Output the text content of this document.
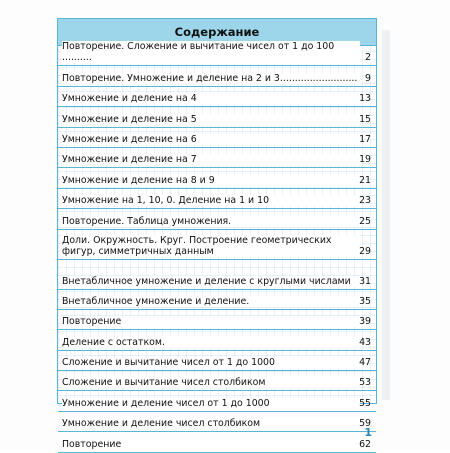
Содержание
Повторение. Сложение и вычитание чисел от 1 до 100 ..........	2
Повторение. Умножение и деление на 2 и 3.......................... 9
Умножение и деление на 4	13
Умножение и деление на 5	15
Умножение и деление на 6	17
Умножение и деление на 7	19
Умножение и деление на 8 и 9	21
Умножение на 1, 10, 0. Деление на 1 и 10	23
Повторение. Таблица умножения.	25
Доли. Окружность. Круг. Построение геометрических фигур, симметричных данным	29
Внетабличное умножение и деление с круглыми числами 31
Внетабличное умножение и деление.	35
Повторение	39
Деление с остатком.	43
Сложение и вычитание чисел от 1 до 1000	47
Сложение и вычитание чисел столбиком	53
Умножение и деление чисел от 1 до 1000	55
Умножение и деление чисел столбиком	59
Повторение	62
1
